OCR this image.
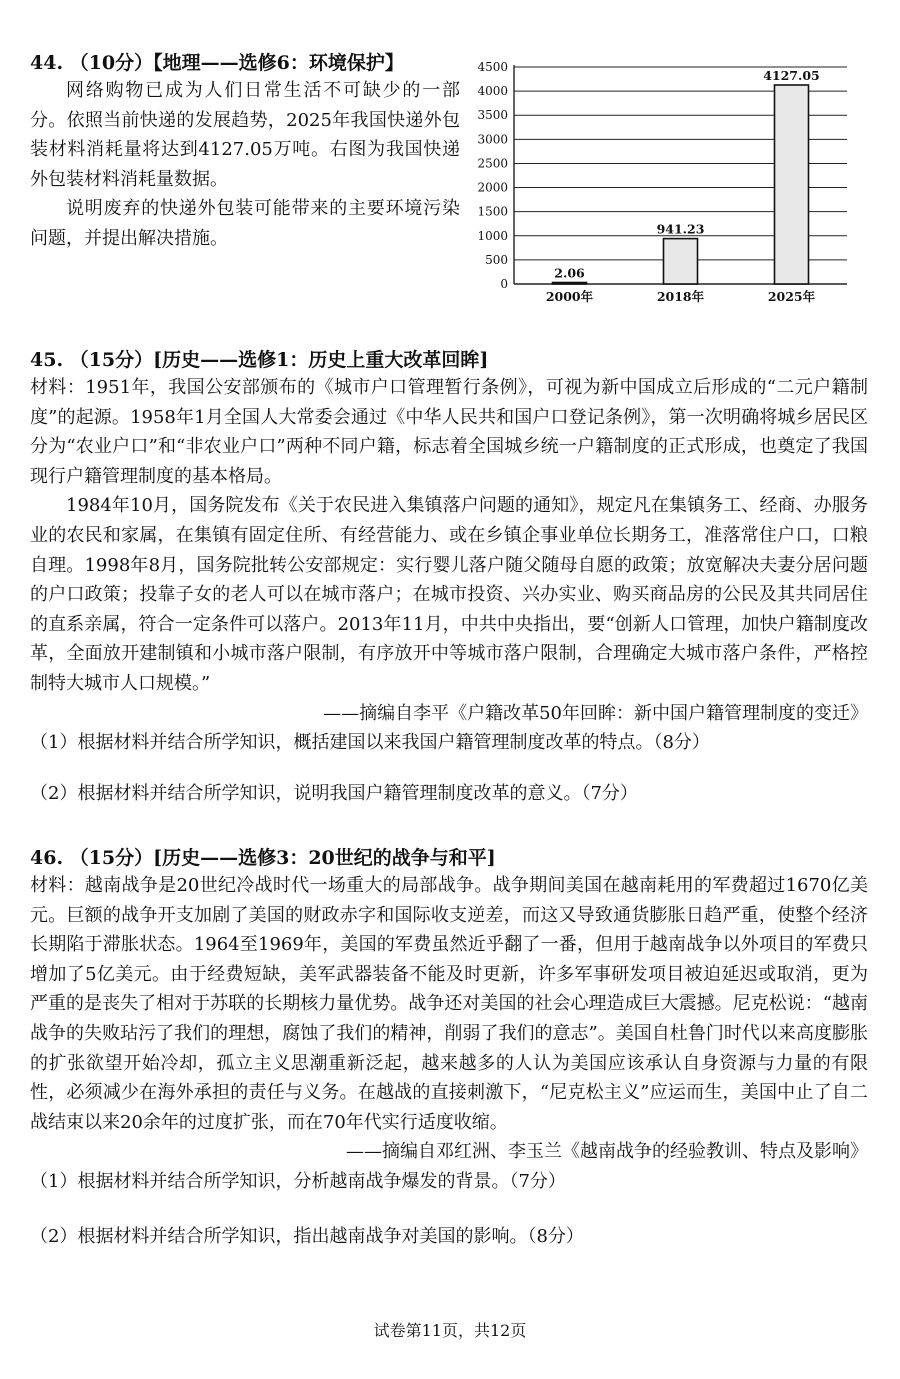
44. （10分）【地理——选修6：环境保护】
网络购物已成为人们日常生活不可缺少的一部分。依照当前快递的发展趋势，2025年我国快递外包装材料消耗量将达到4127.05万吨。右图为我国快递外包装材料消耗量数据。
说明废弃的快递外包装可能带来的主要环境污染问题，并提出解决措施。
0
500
1000
1500
2000
2500
3000
3500
4000
4500
2.06
2000年
941.23
2018年
4127.05
2025年
45. （15分）[历史——选修1：历史上重大改革回眸]
材料：1951年，我国公安部颁布的《城市户口管理暂行条例》，可视为新中国成立后形成的“二元户籍制度”的起源。1958年1月全国人大常委会通过《中华人民共和国户口登记条例》，第一次明确将城乡居民区分为“农业户口”和“非农业户口”两种不同户籍，标志着全国城乡统一户籍制度的正式形成，也奠定了我国现行户籍管理制度的基本格局。
1984年10月，国务院发布《关于农民进入集镇落户问题的通知》，规定凡在集镇务工、经商、办服务业的农民和家属，在集镇有固定住所、有经营能力、或在乡镇企事业单位长期务工，准落常住户口，口粮自理。1998年8月，国务院批转公安部规定：实行婴儿落户随父随母自愿的政策；放宽解决夫妻分居问题的户口政策；投靠子女的老人可以在城市落户；在城市投资、兴办实业、购买商品房的公民及其共同居住的直系亲属，符合一定条件可以落户。2013年11月，中共中央指出，要“创新人口管理，加快户籍制度改革，全面放开建制镇和小城市落户限制，有序放开中等城市落户限制，合理确定大城市落户条件，严格控制特大城市人口规模。”
——摘编自李平《户籍改革50年回眸：新中国户籍管理制度的变迁》
（1）根据材料并结合所学知识，概括建国以来我国户籍管理制度改革的特点。（8分）
（2）根据材料并结合所学知识，说明我国户籍管理制度改革的意义。（7分）
46. （15分）[历史——选修3：20世纪的战争与和平]
材料：越南战争是20世纪冷战时代一场重大的局部战争。战争期间美国在越南耗用的军费超过1670亿美元。巨额的战争开支加剧了美国的财政赤字和国际收支逆差，而这又导致通货膨胀日趋严重，使整个经济长期陷于滞胀状态。1964至1969年，美国的军费虽然近乎翻了一番，但用于越南战争以外项目的军费只增加了5亿美元。由于经费短缺，美军武器装备不能及时更新，许多军事研发项目被迫延迟或取消，更为严重的是丧失了相对于苏联的长期核力量优势。战争还对美国的社会心理造成巨大震撼。尼克松说：“越南战争的失败玷污了我们的理想，腐蚀了我们的精神，削弱了我们的意志”。美国自杜鲁门时代以来高度膨胀的扩张欲望开始冷却，孤立主义思潮重新泛起，越来越多的人认为美国应该承认自身资源与力量的有限性，必须减少在海外承担的责任与义务。在越战的直接刺激下，“尼克松主义”应运而生，美国中止了自二战结束以来20余年的过度扩张，而在70年代实行适度收缩。
——摘编自邓红洲、李玉兰《越南战争的经验教训、特点及影响》
（1）根据材料并结合所学知识，分析越南战争爆发的背景。（7分）
（2）根据材料并结合所学知识，指出越南战争对美国的影响。（8分）
试卷第11页，共12页
